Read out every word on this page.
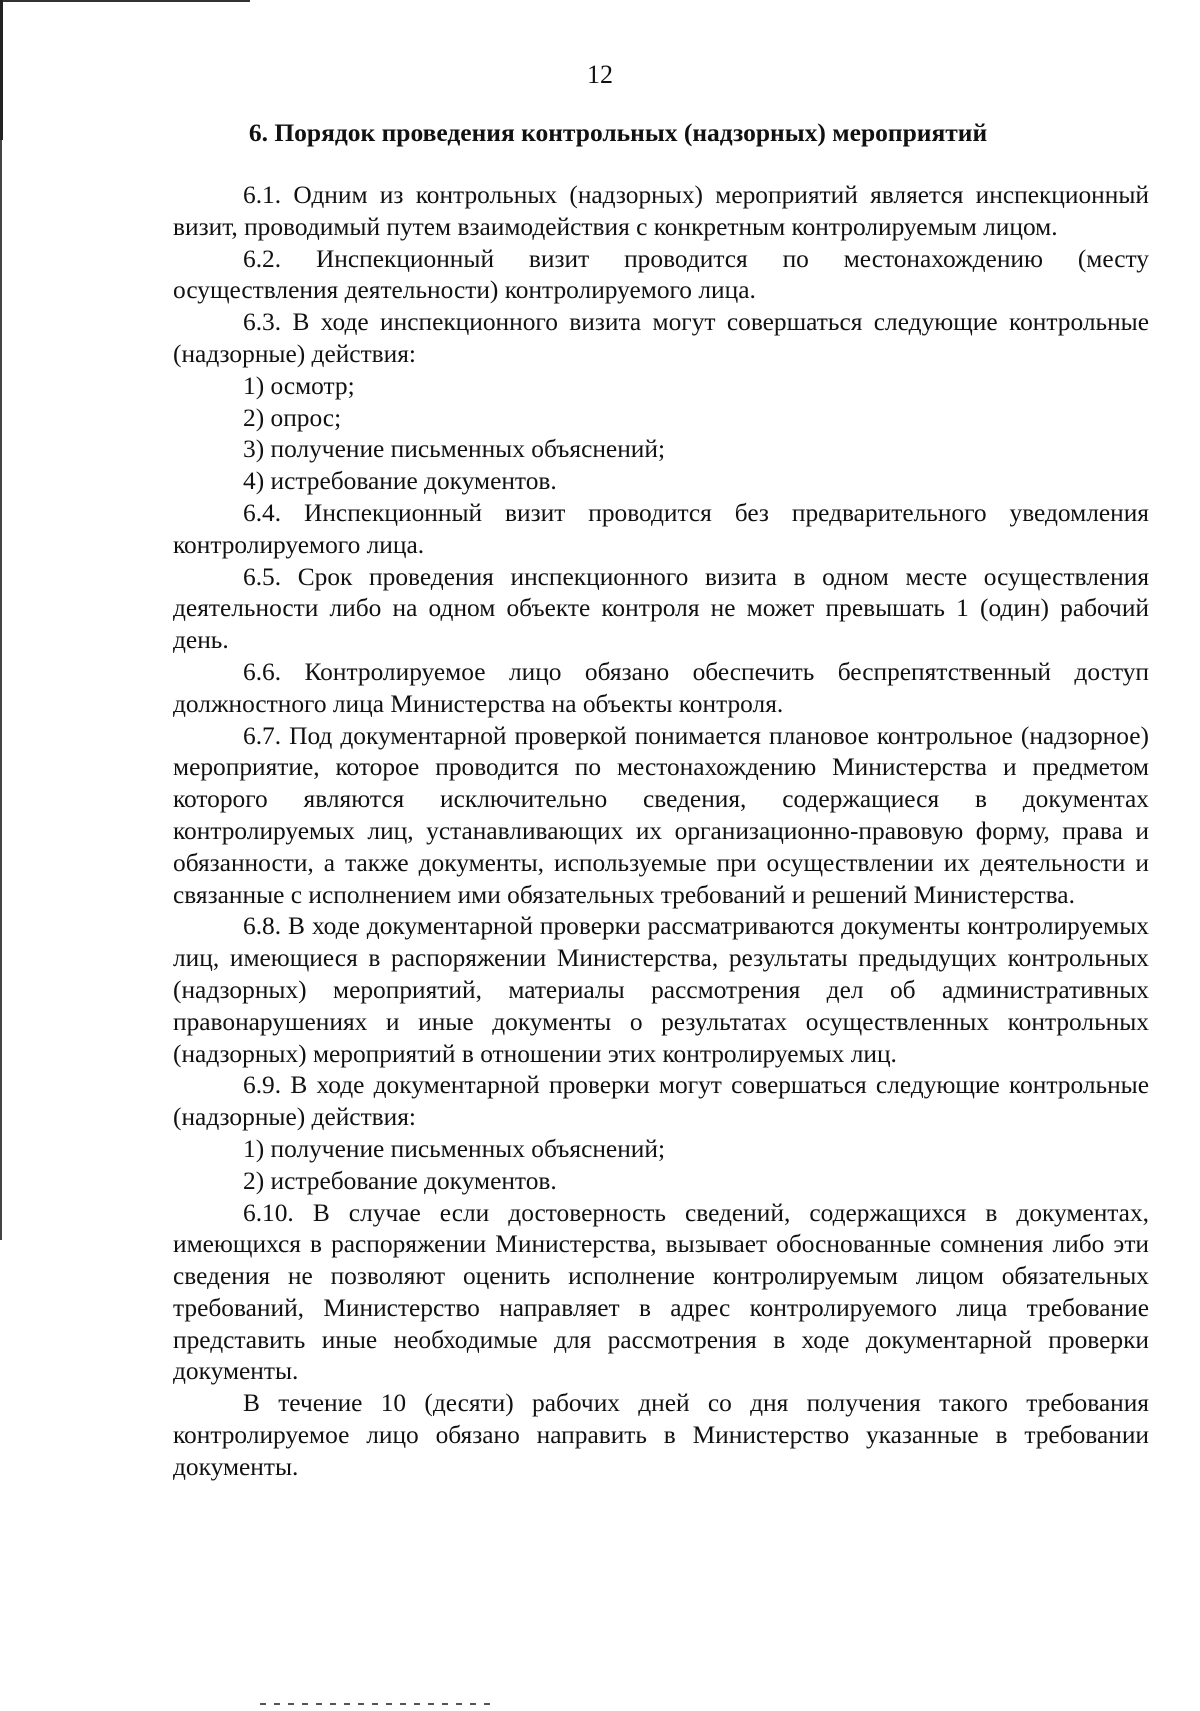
12
6. Порядок проведения контрольных (надзорных) мероприятий

6.1. Одним из контрольных (надзорных) мероприятий является инспекционный визит, проводимый путем взаимодействия с конкретным контролируемым лицом.

6.2. Инспекционный визит проводится по местонахождению (месту осуществления деятельности) контролируемого лица.

6.3. В ходе инспекционного визита могут совершаться следующие контрольные (надзорные) действия:

1) осмотр;

2) опрос;

3) получение письменных объяснений;

4) истребование документов.

6.4. Инспекционный визит проводится без предварительного уведомления контролируемого лица.

6.5. Срок проведения инспекционного визита в одном месте осуществления деятельности либо на одном объекте контроля не может превышать 1 (один) рабочий день.

6.6. Контролируемое лицо обязано обеспечить беспрепятственный доступ должностного лица Министерства на объекты контроля.

6.7. Под документарной проверкой понимается плановое контрольное (надзорное) мероприятие, которое проводится по местонахождению Министерства и предметом которого являются исключительно сведения, содержащиеся в документах контролируемых лиц, устанавливающих их организационно-правовую форму, права и обязанности, а также документы, используемые при осуществлении их деятельности и связанные с исполнением ими обязательных требований и решений Министерства.

6.8. В ходе документарной проверки рассматриваются документы контролируемых лиц, имеющиеся в распоряжении Министерства, результаты предыдущих контрольных (надзорных) мероприятий, материалы рассмотрения дел об административных правонарушениях и иные документы о результатах осуществленных контрольных (надзорных) мероприятий в отношении этих контролируемых лиц.

6.9. В ходе документарной проверки могут совершаться следующие контрольные (надзорные) действия:

1) получение письменных объяснений;

2) истребование документов.

6.10. В случае если достоверность сведений, содержащихся в документах, имеющихся в распоряжении Министерства, вызывает обоснованные сомнения либо эти сведения не позволяют оценить исполнение контролируемым лицом обязательных требований, Министерство направляет в адрес контролируемого лица требование представить иные необходимые для рассмотрения в ходе документарной проверки документы.

В течение 10 (десяти) рабочих дней со дня получения такого требования контролируемое лицо обязано направить в Министерство указанные в требовании документы.
